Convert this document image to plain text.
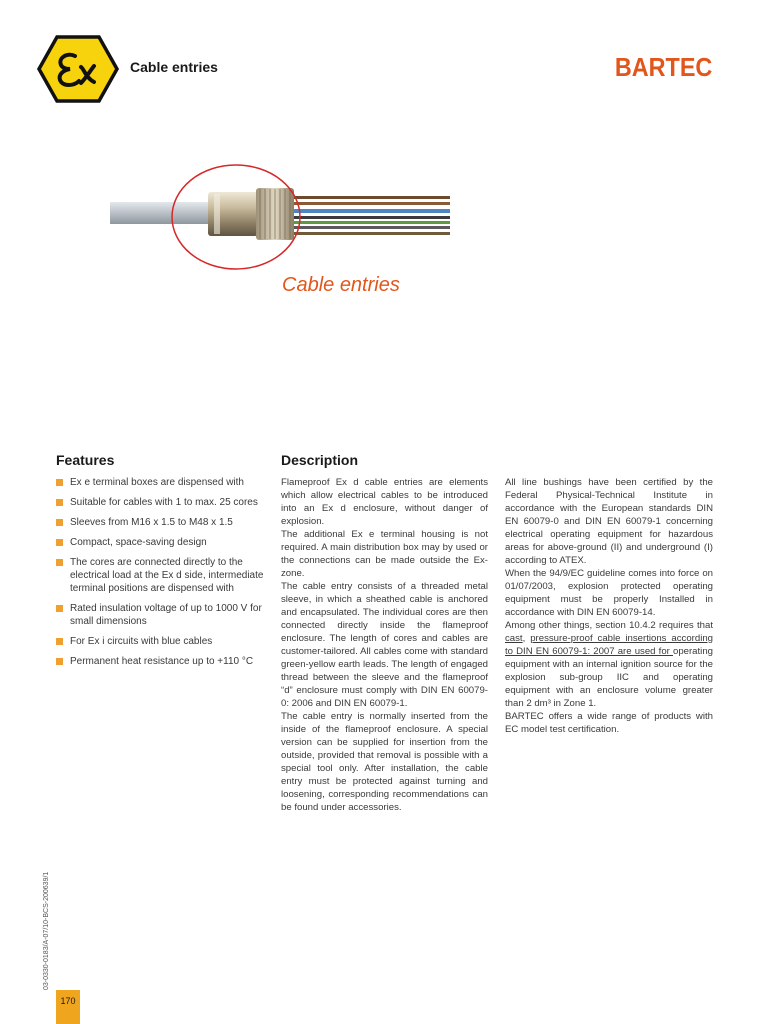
Cable entries	BARTEC
Cable entries
Features
Ex e terminal boxes are dispensed with
Suitable for cables with 1 to max. 25 cores
Sleeves from M16 x 1.5 to M48 x 1.5
Compact, space-saving design
The cores are connected directly to the electrical load at the Ex d side, intermediate terminal positions are dispensed with
Rated insulation voltage of up to 1000 V for small dimensions
For Ex i circuits with blue cables
Permanent heat resistance up to +110 °C
Description

Flameproof Ex d cable entries are elements which allow electrical cables to be introduced into an Ex d enclosure, without danger of explosion.

The additional Ex e terminal housing is not required. A main distribution box may by used or the connections can be made outside the Ex-zone.

The cable entry consists of a threaded metal sleeve, in which a sheathed cable is anchored and encapsulated. The individual cores are then connected directly inside the flameproof enclosure. The length of cores and cables are customer-tailored. All cables come with standard green-yellow earth leads. The length of engaged thread between the sleeve and the flameproof “d” enclosure must comply with DIN EN 60079-0: 2006 and DIN EN 60079-1.

The cable entry is normally inserted from the inside of the flameproof enclosure. A special version can be supplied for insertion from the outside, provided that removal is possible with a special tool only. After installation, the cable entry must be protected against turning and loosening, corresponding recommendations can be found under accessories.

All line bushings have been certified by the Federal Physical-Technical Institute in accordance with the European standards DIN EN 60079-0 and DIN EN 60079-1 concerning electrical operating equipment for hazardous areas for above-ground (II) and underground (I) according to ATEX.

When the 94/9/EC guideline comes into force on 01/07/2003, explosion protected operating equipment must be properly Installed in accordance with DIN EN 60079-14.

Among other things, section 10.4.2 requires that cast, pressure-proof cable insertions according to DIN EN 60079-1: 2007 are used for operating equipment with an internal ignition source for the explosion sub-group IIC and operating equipment with an enclosure volume greater than 2 dm³ in Zone 1.

BARTEC offers a wide range of products with EC model test certification.

03-0330-0183/A-07/10-BCS-200639/1
170
